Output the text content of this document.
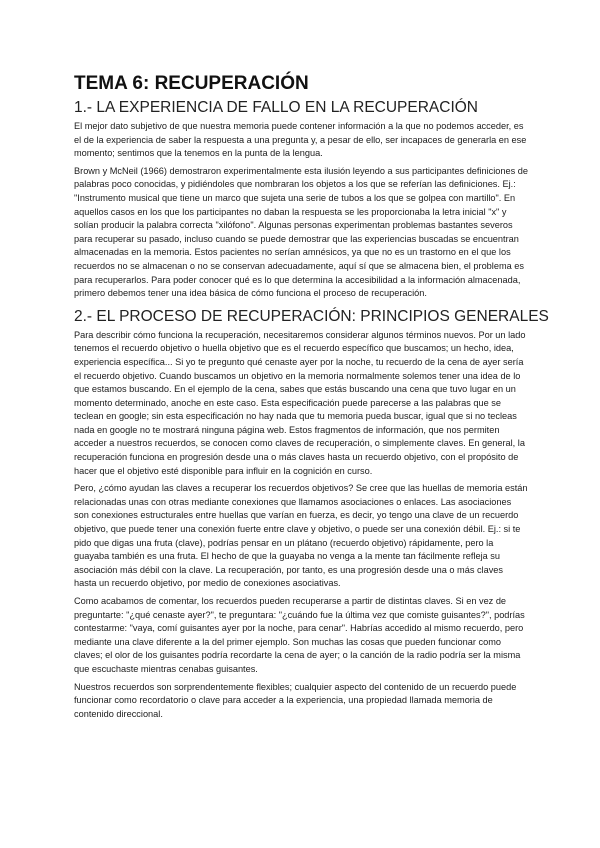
TEMA 6: RECUPERACIÓN
1.- LA EXPERIENCIA DE FALLO EN LA RECUPERACIÓN

El mejor dato subjetivo de que nuestra memoria puede contener información a la que no podemos acceder, es el de la experiencia de saber la respuesta a una pregunta y, a pesar de ello, ser incapaces de generarla en ese momento; sentimos que la tenemos en la punta de la lengua.

Brown y McNeil (1966) demostraron experimentalmente esta ilusión leyendo a sus participantes definiciones de palabras poco conocidas, y pidiéndoles que nombraran los objetos a los que se referían las definiciones. Ej.: "Instrumento musical que tiene un marco que sujeta una serie de tubos a los que se golpea con martillo". En aquellos casos en los que los participantes no daban la respuesta se les proporcionaba la letra inicial "x" y solían producir la palabra correcta "xilófono". Algunas personas experimentan problemas bastantes severos para recuperar su pasado, incluso cuando se puede demostrar que las experiencias buscadas se encuentran almacenadas en la memoria. Estos pacientes no serían amnésicos, ya que no es un trastorno en el que los recuerdos no se almacenan o no se conservan adecuadamente, aquí sí que se almacena bien, el problema es para recuperarlos. Para poder conocer qué es lo que determina la accesibilidad a la información almacenada, primero debemos tener una idea básica de cómo funciona el proceso de recuperación.

2.- EL PROCESO DE RECUPERACIÓN: PRINCIPIOS GENERALES

Para describir cómo funciona la recuperación, necesitaremos considerar algunos términos nuevos. Por un lado tenemos el recuerdo objetivo o huella objetivo que es el recuerdo específico que buscamos; un hecho, idea, experiencia específica... Si yo te pregunto qué cenaste ayer por la noche, tu recuerdo de la cena de ayer sería el recuerdo objetivo. Cuando buscamos un objetivo en la memoria normalmente solemos tener una idea de lo que estamos buscando. En el ejemplo de la cena, sabes que estás buscando una cena que tuvo lugar en un momento determinado, anoche en este caso. Esta especificación puede parecerse a las palabras que se teclean en google; sin esta especificación no hay nada que tu memoria pueda buscar, igual que si no tecleas nada en google no te mostrará ninguna página web. Estos fragmentos de información, que nos permiten acceder a nuestros recuerdos, se conocen como claves de recuperación, o simplemente claves. En general, la recuperación funciona en progresión desde una o más claves hasta un recuerdo objetivo, con el propósito de hacer que el objetivo esté disponible para influir en la cognición en curso.

Pero, ¿cómo ayudan las claves a recuperar los recuerdos objetivos? Se cree que las huellas de memoria están relacionadas unas con otras mediante conexiones que llamamos asociaciones o enlaces. Las asociaciones son conexiones estructurales entre huellas que varían en fuerza, es decir, yo tengo una clave de un recuerdo objetivo, que puede tener una conexión fuerte entre clave y objetivo, o puede ser una conexión débil. Ej.: si te pido que digas una fruta (clave), podrías pensar en un plátano (recuerdo objetivo) rápidamente, pero la guayaba también es una fruta. El hecho de que la guayaba no venga a la mente tan fácilmente refleja su asociación más débil con la clave. La recuperación, por tanto, es una progresión desde una o más claves hasta un recuerdo objetivo, por medio de conexiones asociativas.

Como acabamos de comentar, los recuerdos pueden recuperarse a partir de distintas claves. Si en vez de preguntarte: "¿qué cenaste ayer?", te preguntara: "¿cuándo fue la última vez que comiste guisantes?", podrías contestarme: "vaya, comí guisantes ayer por la noche, para cenar". Habrías accedido al mismo recuerdo, pero mediante una clave diferente a la del primer ejemplo. Son muchas las cosas que pueden funcionar como claves; el olor de los guisantes podría recordarte la cena de ayer; o la canción de la radio podría ser la misma que escuchaste mientras cenabas guisantes.

Nuestros recuerdos son sorprendentemente flexibles; cualquier aspecto del contenido de un recuerdo puede funcionar como recordatorio o clave para acceder a la experiencia, una propiedad llamada memoria de contenido direccional.
